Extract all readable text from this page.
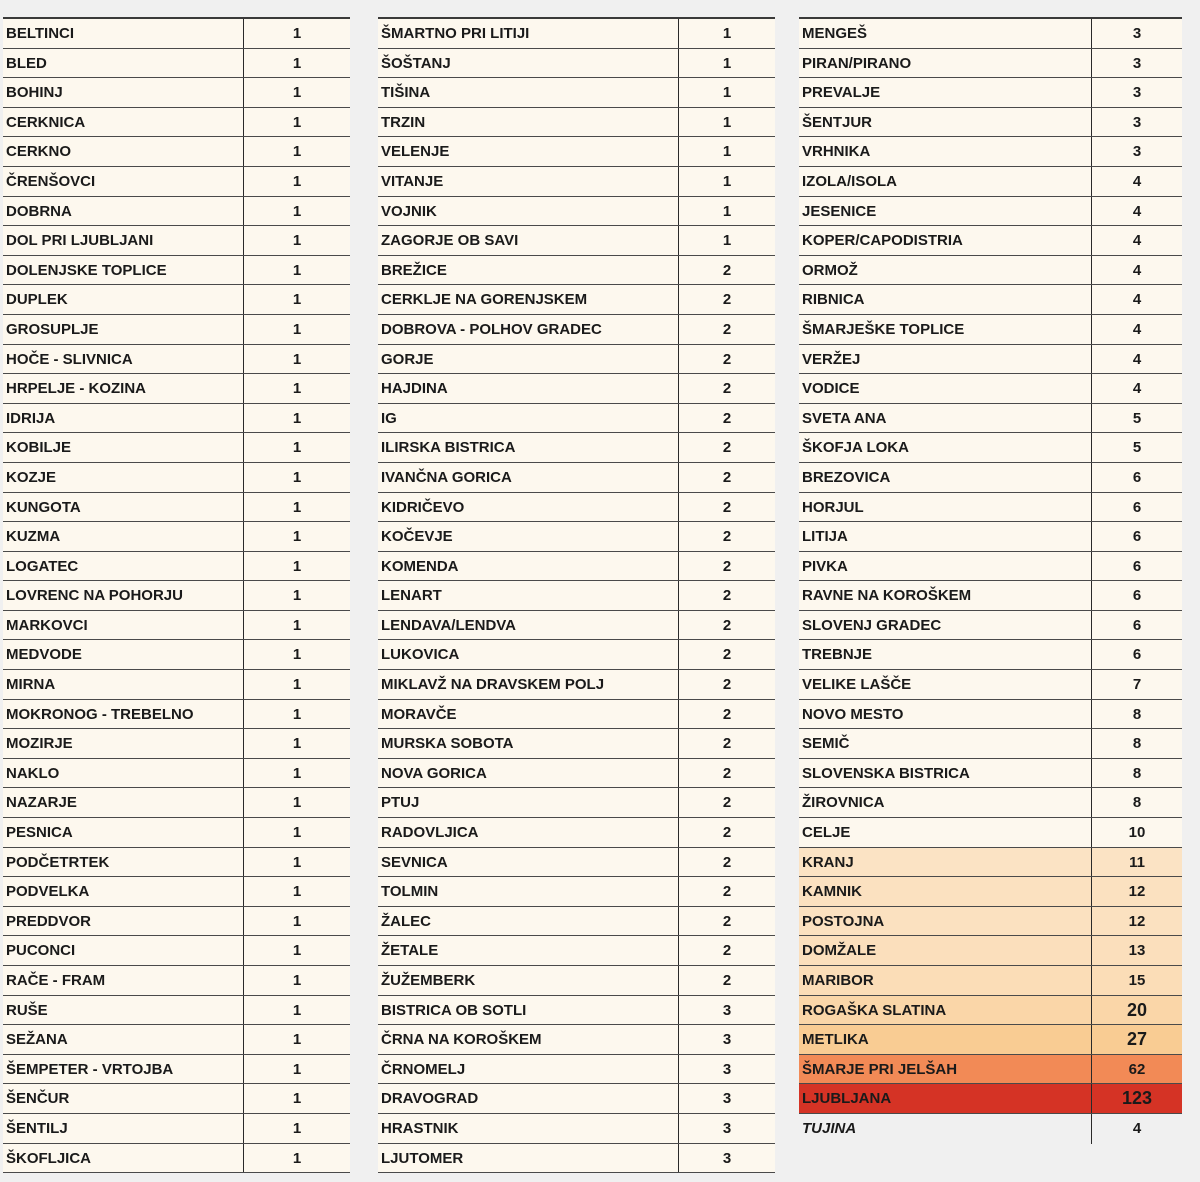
BELTINCI	1
BLED	1
BOHINJ	1
CERKNICA	1
CERKNO	1
ČRENŠOVCI	1
DOBRNA	1
DOL PRI LJUBLJANI	1
DOLENJSKE TOPLICE	1
DUPLEK	1
GROSUPLJE	1
HOČE - SLIVNICA	1
HRPELJE - KOZINA	1
IDRIJA	1
KOBILJE	1
KOZJE	1
KUNGOTA	1
KUZMA	1
LOGATEC	1
LOVRENC NA POHORJU	1
MARKOVCI	1
MEDVODE	1
MIRNA	1
MOKRONOG - TREBELNO	1
MOZIRJE	1
NAKLO	1
NAZARJE	1
PESNICA	1
PODČETRTEK	1
PODVELKA	1
PREDDVOR	1
PUCONCI	1
RAČE - FRAM	1
RUŠE	1
SEŽANA	1
ŠEMPETER - VRTOJBA	1
ŠENČUR	1
ŠENTILJ	1
ŠKOFLJICA	1
ŠMARTNO PRI LITIJI	1
ŠOŠTANJ	1
TIŠINA	1
TRZIN	1
VELENJE	1
VITANJE	1
VOJNIK	1
ZAGORJE OB SAVI	1
BREŽICE	2
CERKLJE NA GORENJSKEM	2
DOBROVA - POLHOV GRADEC	2
GORJE	2
HAJDINA	2
IG	2
ILIRSKA BISTRICA	2
IVANČNA GORICA	2
KIDRIČEVO	2
KOČEVJE	2
KOMENDA	2
LENART	2
LENDAVA/LENDVA	2
LUKOVICA	2
MIKLAVŽ NA DRAVSKEM POLJ	2
MORAVČE	2
MURSKA SOBOTA	2
NOVA GORICA	2
PTUJ	2
RADOVLJICA	2
SEVNICA	2
TOLMIN	2
ŽALEC	2
ŽETALE	2
ŽUŽEMBERK	2
BISTRICA OB SOTLI	3
ČRNA NA KOROŠKEM	3
ČRNOMELJ	3
DRAVOGRAD	3
HRASTNIK	3
LJUTOMER	3
MENGEŠ	3
PIRAN/PIRANO	3
PREVALJE	3
ŠENTJUR	3
VRHNIKA	3
IZOLA/ISOLA	4
JESENICE	4
KOPER/CAPODISTRIA	4
ORMOŽ	4
RIBNICA	4
ŠMARJEŠKE TOPLICE	4
VERŽEJ	4
VODICE	4
SVETA ANA	5
ŠKOFJA LOKA	5
BREZOVICA	6
HORJUL	6
LITIJA	6
PIVKA	6
RAVNE NA KOROŠKEM	6
SLOVENJ GRADEC	6
TREBNJE	6
VELIKE LAŠČE	7
NOVO MESTO	8
SEMIČ	8
SLOVENSKA BISTRICA	8
ŽIROVNICA	8
CELJE	10
KRANJ	11
KAMNIK	12
POSTOJNA	12
DOMŽALE	13
MARIBOR	15
ROGAŠKA SLATINA	20
METLIKA	27
ŠMARJE PRI JELŠAH	62
LJUBLJANA	123
TUJINA	4
